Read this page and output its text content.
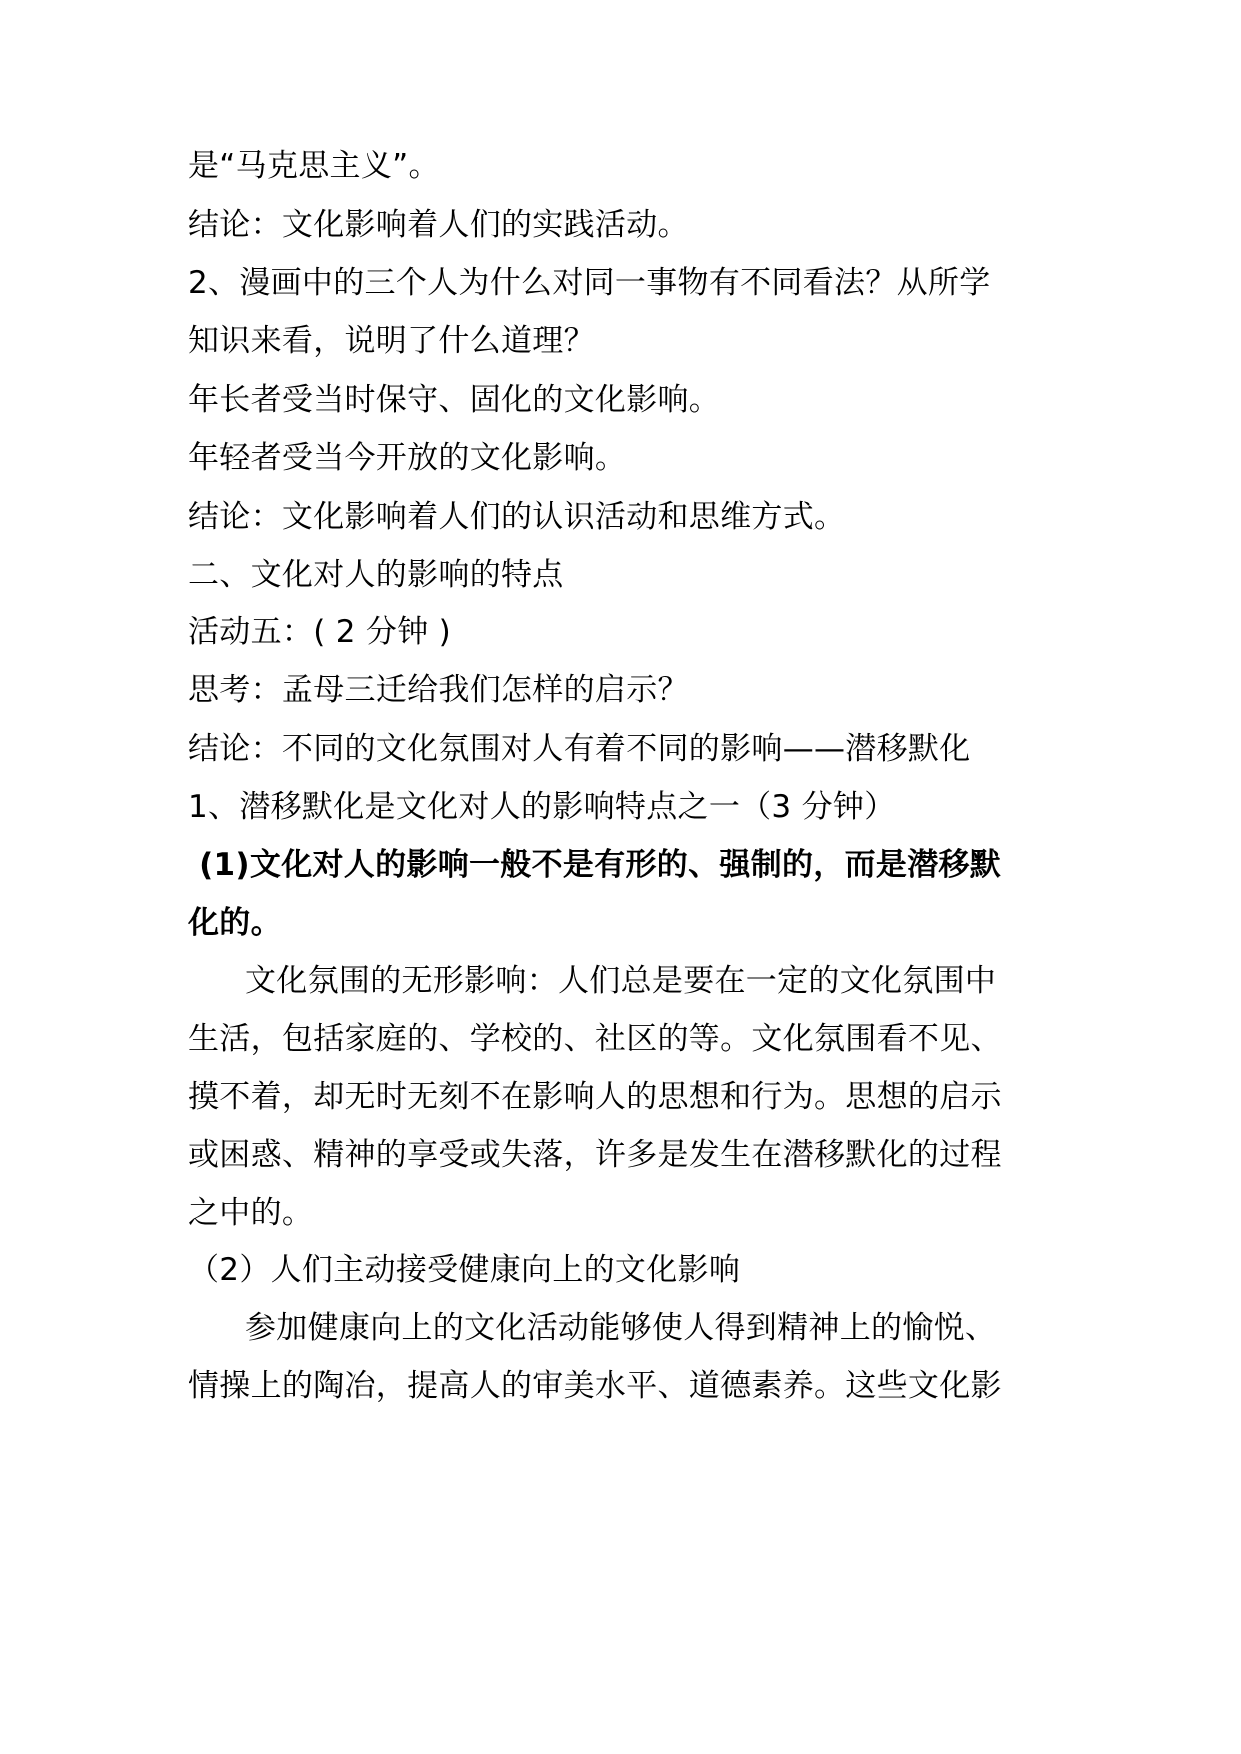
是“马克思主义”。
结论：文化影响着人们的实践活动。
2、漫画中的三个人为什么对同一事物有不同看法？从所学
知识来看，说明了什么道理？
年长者受当时保守、固化的文化影响。
年轻者受当今开放的文化影响。
结论：文化影响着人们的认识活动和思维方式。
二、文化对人的影响的特点
活动五：( 2 分钟 )
思考：孟母三迁给我们怎样的启示？
结论：不同的文化氛围对人有着不同的影响——潜移默化
1、潜移默化是文化对人的影响特点之一（3 分钟）
(1)文化对人的影响一般不是有形的、强制的，而是潜移默
化的。
文化氛围的无形影响：人们总是要在一定的文化氛围中
生活，包括家庭的、学校的、社区的等。文化氛围看不见、
摸不着，却无时无刻不在影响人的思想和行为。思想的启示
或困惑、精神的享受或失落，许多是发生在潜移默化的过程
之中的。
（2）人们主动接受健康向上的文化影响
参加健康向上的文化活动能够使人得到精神上的愉悦、
情操上的陶冶，提高人的审美水平、道德素养。这些文化影
